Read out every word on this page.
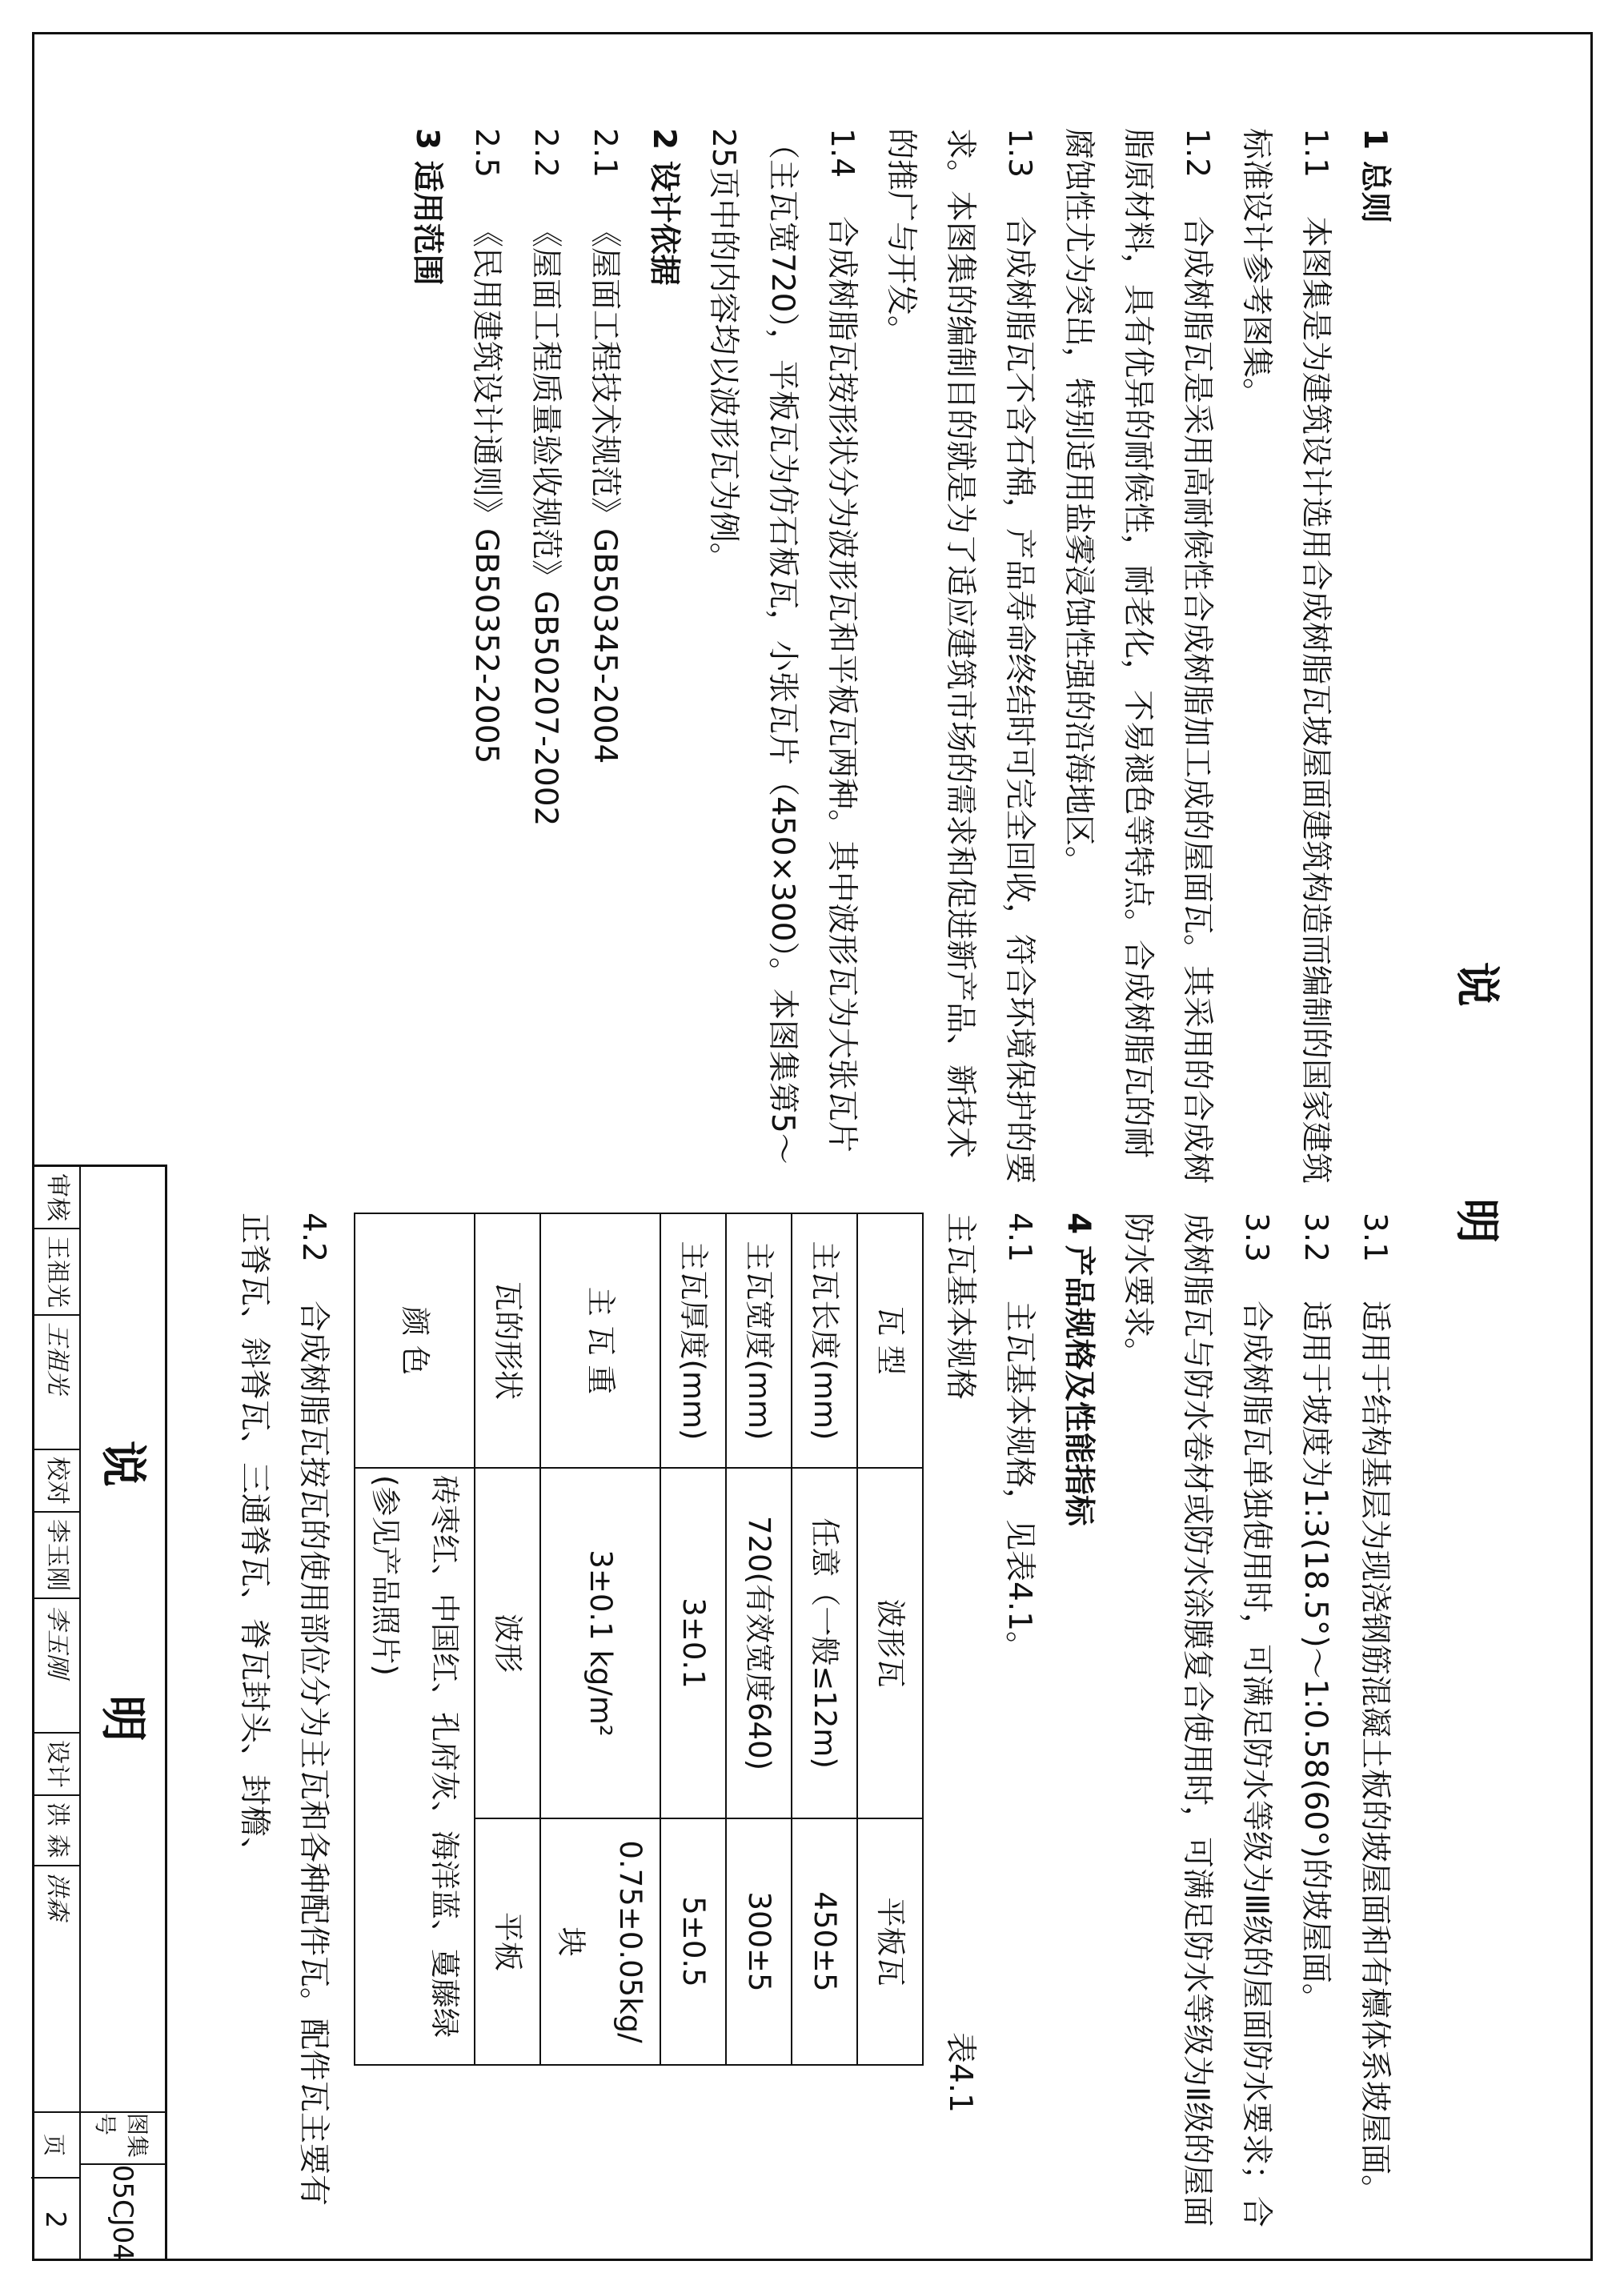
说 明
1 总则
1.1本图集是为建筑设计选用合成树脂瓦坡屋面建筑构造而编制的国家建筑标准设计参考图集。
1.2合成树脂瓦是采用高耐候性合成树脂加工成的屋面瓦。其采用的合成树脂原材料，具有优异的耐候性，耐老化，不易褪色等特点。合成树脂瓦的耐腐蚀性尤为突出，特别适用盐雾浸蚀性强的沿海地区。
1.3合成树脂瓦不含石棉，产品寿命终结时可完全回收，符合环境保护的要求。本图集的编制目的就是为了适应建筑市场的需求和促进新产品、新技术的推广与开发。
1.4合成树脂瓦按形状分为波形瓦和平板瓦两种。其中波形瓦为大张瓦片（主瓦宽720），平板瓦为仿石板瓦，小张瓦片（450×300）。本图集第5～25页中的内容均以波形瓦为例。
2 设计依据
2.1《屋面工程技术规范》GB50345-2004
2.2《屋面工程质量验收规范》GB50207-2002
2.5《民用建筑设计通则》GB50352-2005
3 适用范围
3.1适用于结构基层为现浇钢筋混凝土板的坡屋面和有檩体系坡屋面。
3.2适用于坡度为1:3(18.5°)～1:0.58(60°)的坡屋面。
3.3合成树脂瓦单独使用时，可满足防水等级为Ⅲ级的屋面防水要求；合成树脂瓦与防水卷材或防水涂膜复合使用时，可满足防水等级为Ⅱ级的屋面防水要求。
4 产品规格及性能指标
4.1主瓦基本规格，见表4.1。
主瓦基本规格
表4.1
瓦 型	波形瓦	平板瓦
主瓦长度(mm)	任意（一般≤12m)	450±5
主瓦宽度(mm)	720(有效宽度640)	300±5
主瓦厚度(mm)	3±0.1	5±0.5
主 瓦 重	3±0.1 kg/m²	0.75±0.05kg/块
瓦的形状	波形	平板
颜 色	砖枣红、中国红、孔府灰、海洋蓝、蔓藤绿(参见产品照片)	
4.2合成树脂瓦按瓦的使用部位分为主瓦和各种配件瓦。配件瓦主要有正脊瓦、斜脊瓦、三通脊瓦、脊瓦封头、封檐、
说 明
审核
王祖光
王祖光
校对
李玉刚
李玉刚
设计
洪 森
洪森
图集号
05CJ04
页
2
